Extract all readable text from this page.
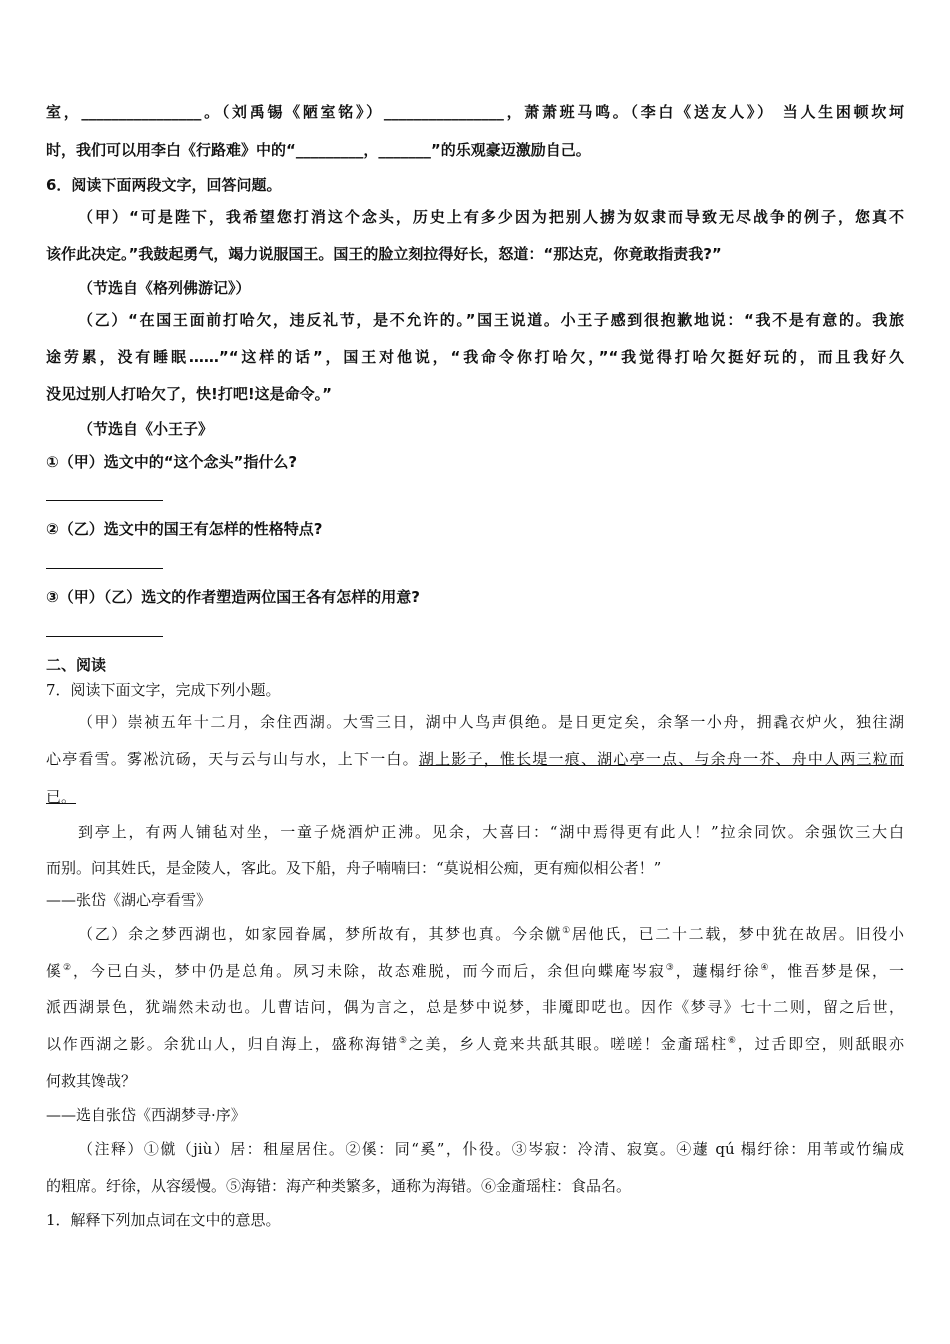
室，________________。（刘禹锡《陋室铭》）________________，萧萧班马鸣。（李白《送友人》） 当人生困顿坎坷
时，我们可以用李白《行路难》中的“_________，_______”的乐观豪迈激励自己。
6．阅读下面两段文字，回答问题。
（甲）“可是陛下，我希望您打消这个念头，历史上有多少因为把别人掳为奴隶而导致无尽战争的例子，您真不
该作此决定。”我鼓起勇气，竭力说服国王。国王的脸立刻拉得好长，怒道：“那达克，你竟敢指责我?”
（节选自《格列佛游记》）
（乙）“在国王面前打哈欠，违反礼节，是不允许的。”国王说道。小王子感到很抱歉地说：“我不是有意的。我旅
途劳累，没有睡眠……”“这样的话”，国王对他说，“我命令你打哈欠，”“我觉得打哈欠挺好玩的，而且我好久
没见过别人打哈欠了，快!打吧!这是命令。”
（节选自《小王子》
①（甲）选文中的“这个念头”指什么?
②（乙）选文中的国王有怎样的性格特点?
③（甲）（乙）选文的作者塑造两位国王各有怎样的用意?
二、阅读
7．阅读下面文字，完成下列小题。
（甲）崇祯五年十二月，余住西湖。大雪三日，湖中人鸟声俱绝。是日更定矣，余拏一小舟，拥毳衣炉火，独往湖
心亭看雪。雾凇沆砀，天与云与山与水，上下一白。湖上影子，惟长堤一痕、湖心亭一点、与余舟一芥、舟中人两三粒而
已。
到亭上，有两人铺毡对坐，一童子烧酒炉正沸。见余，大喜曰：“湖中焉得更有此人！”拉余同饮。余强饮三大白
而别。问其姓氏，是金陵人，客此。及下船，舟子喃喃曰：“莫说相公痴，更有痴似相公者！”
——张岱《湖心亭看雪》
（乙）余之梦西湖也，如家园眷属，梦所故有，其梦也真。今余僦①居他氏，已二十二载，梦中犹在故居。旧役小
傒②，今已白头，梦中仍是总角。夙习未除，故态难脱，而今而后，余但向蝶庵岑寂③，蘧榻纡徐④，惟吾梦是保，一
派西湖景色，犹端然未动也。儿曹诘问，偶为言之，总是梦中说梦，非魇即呓也。因作《梦寻》七十二则，留之后世，
以作西湖之影。余犹山人，归自海上，盛称海错⑤之美，乡人竟来共舐其眼。嗟嗟！金齑瑶柱⑥，过舌即空，则舐眼亦
何救其馋哉？
——选自张岱《西湖梦寻·序》
（注释）①僦（jiù）居：租屋居住。②傒：同“奚”，仆役。③岑寂：冷清、寂寞。④蘧 qú 榻纡徐：用苇或竹编成
的粗席。纡徐，从容缓慢。⑤海错：海产种类繁多，通称为海错。⑥金齑瑶柱：食品名。
1．解释下列加点词在文中的意思。
